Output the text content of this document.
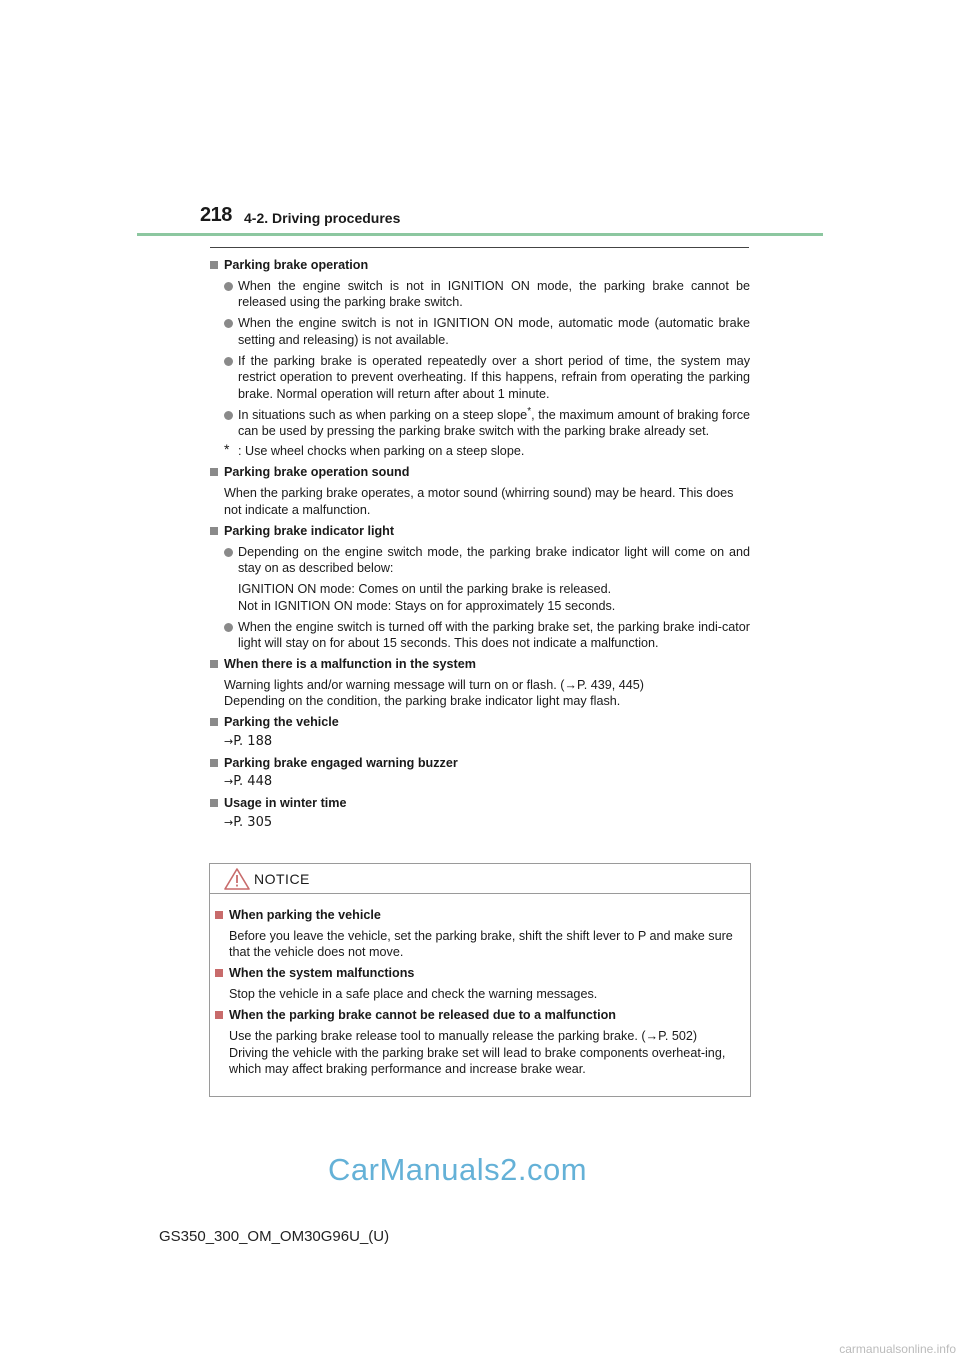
218 4-2. Driving procedures
Parking brake operation
When the engine switch is not in IGNITION ON mode, the parking brake cannot be released using the parking brake switch.
When the engine switch is not in IGNITION ON mode, automatic mode (automatic brake setting and releasing) is not available.
If the parking brake is operated repeatedly over a short period of time, the system may restrict operation to prevent overheating. If this happens, refrain from operating the parking brake. Normal operation will return after about 1 minute.
In situations such as when parking on a steep slope*, the maximum amount of braking force can be used by pressing the parking brake switch with the parking brake already set.
* : Use wheel chocks when parking on a steep slope.
Parking brake operation sound
When the parking brake operates, a motor sound (whirring sound) may be heard. This does not indicate a malfunction.
Parking brake indicator light
Depending on the engine switch mode, the parking brake indicator light will come on and stay on as described below:
IGNITION ON mode: Comes on until the parking brake is released.
Not in IGNITION ON mode: Stays on for approximately 15 seconds.
When the engine switch is turned off with the parking brake set, the parking brake indi-cator light will stay on for about 15 seconds. This does not indicate a malfunction.
When there is a malfunction in the system
Warning lights and/or warning message will turn on or flash. (→P. 439, 445)
Depending on the condition, the parking brake indicator light may flash.
Parking the vehicle
→P. 188
Parking brake engaged warning buzzer
→P. 448
Usage in winter time
→P. 305
NOTICE
When parking the vehicle
Before you leave the vehicle, set the parking brake, shift the shift lever to P and make sure that the vehicle does not move.
When the system malfunctions
Stop the vehicle in a safe place and check the warning messages.
When the parking brake cannot be released due to a malfunction
Use the parking brake release tool to manually release the parking brake. (→P. 502)
Driving the vehicle with the parking brake set will lead to brake components overheat-ing, which may affect braking performance and increase brake wear.
CarManuals2.com
GS350_300_OM_OM30G96U_(U)
carmanualsonline.info
